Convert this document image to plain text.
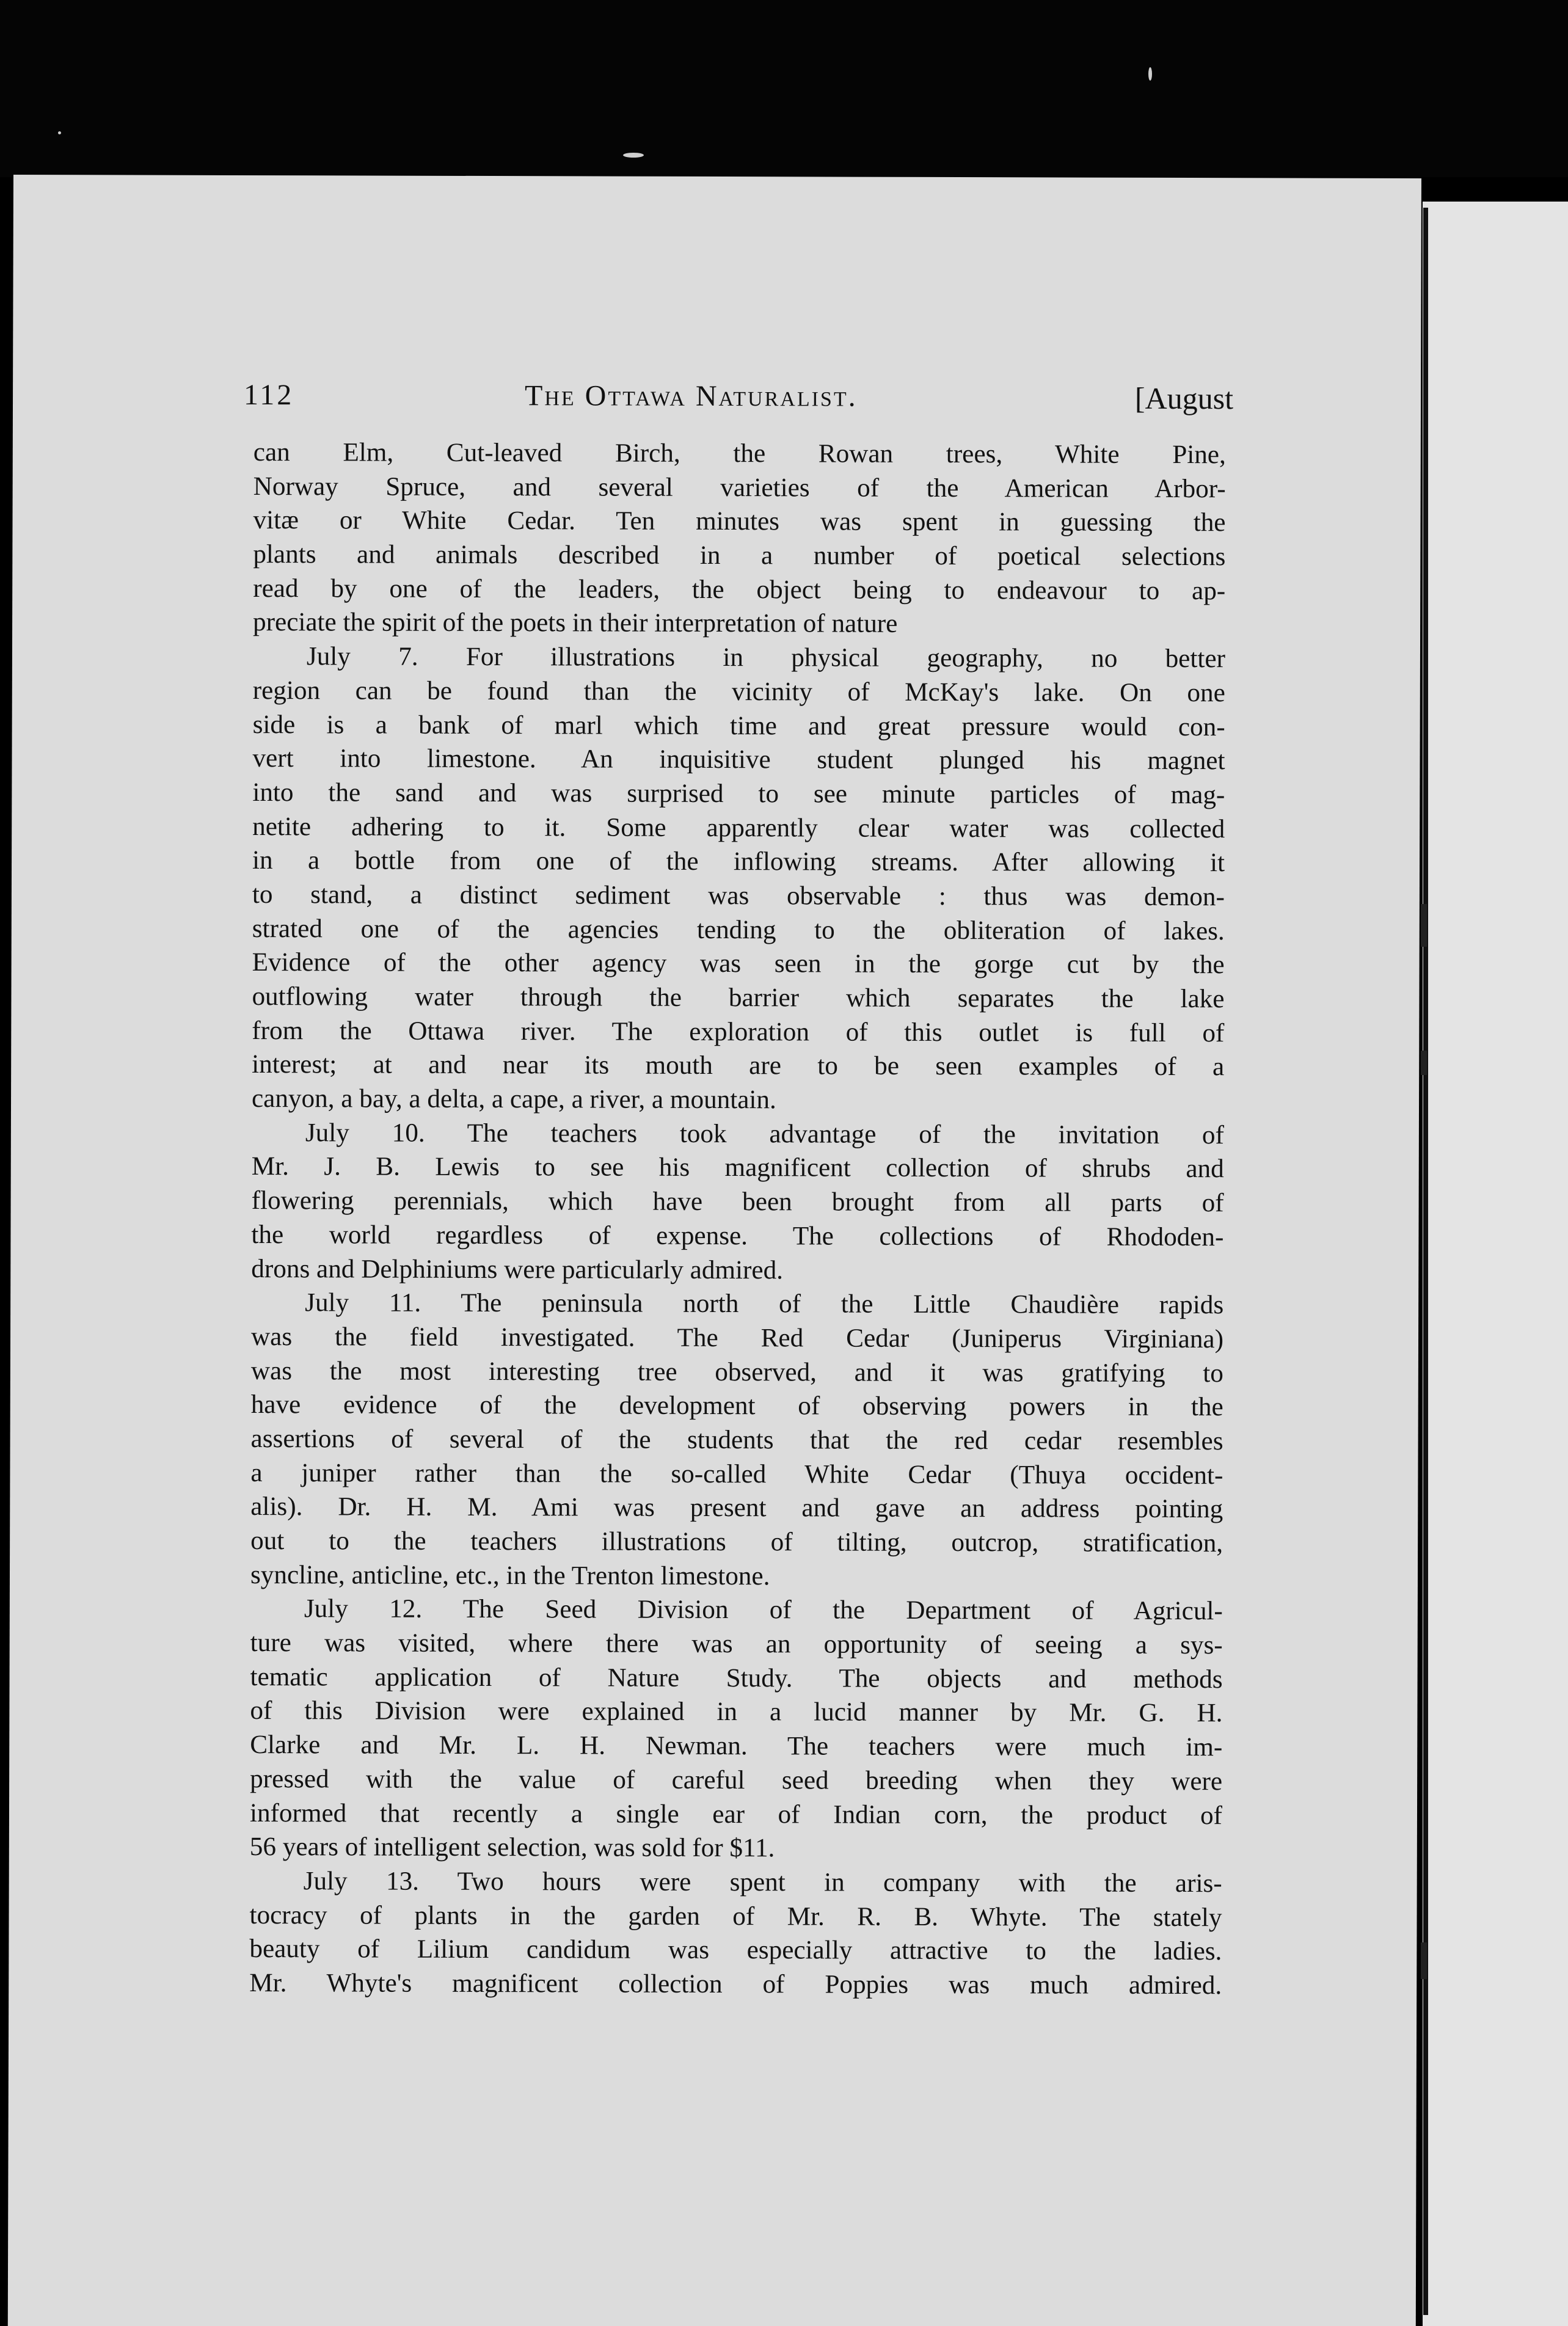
112	The Ottawa Naturalist.	[August
can Elm, Cut-leaved Birch, the Rowan trees, White Pine,
Norway Spruce, and several varieties of the American Arbor-
vitæ or White Cedar. Ten minutes was spent in guessing the
plants and animals described in a number of poetical selections
read by one of the leaders, the object being to endeavour to ap-
preciate the spirit of the poets in their interpretation of nature
July 7. For illustrations in physical geography, no better
region can be found than the vicinity of McKay's lake. On one
side is a bank of marl which time and great pressure would con-
vert into limestone. An inquisitive student plunged his magnet
into the sand and was surprised to see minute particles of mag-
netite adhering to it. Some apparently clear water was collected
in a bottle from one of the inflowing streams. After allowing it
to stand, a distinct sediment was observable : thus was demon-
strated one of the agencies tending to the obliteration of lakes.
Evidence of the other agency was seen in the gorge cut by the
outflowing water through the barrier which separates the lake
from the Ottawa river. The exploration of this outlet is full of
interest; at and near its mouth are to be seen examples of a
canyon, a bay, a delta, a cape, a river, a mountain.
July 10. The teachers took advantage of the invitation of
Mr. J. B. Lewis to see his magnificent collection of shrubs and
flowering perennials, which have been brought from all parts of
the world regardless of expense. The collections of Rhododen-
drons and Delphiniums were particularly admired.
July 11. The peninsula north of the Little Chaudière rapids
was the field investigated. The Red Cedar (Juniperus Virginiana)
was the most interesting tree observed, and it was gratifying to
have evidence of the development of observing powers in the
assertions of several of the students that the red cedar resembles
a juniper rather than the so-called White Cedar (Thuya occident-
alis). Dr. H. M. Ami was present and gave an address pointing
out to the teachers illustrations of tilting, outcrop, stratification,
syncline, anticline, etc., in the Trenton limestone.
July 12. The Seed Division of the Department of Agricul-
ture was visited, where there was an opportunity of seeing a sys-
tematic application of Nature Study. The objects and methods
of this Division were explained in a lucid manner by Mr. G. H.
Clarke and Mr. L. H. Newman. The teachers were much im-
pressed with the value of careful seed breeding when they were
informed that recently a single ear of Indian corn, the product of
56 years of intelligent selection, was sold for $11.
July 13. Two hours were spent in company with the aris-
tocracy of plants in the garden of Mr. R. B. Whyte. The stately
beauty of Lilium candidum was especially attractive to the ladies.
Mr. Whyte's magnificent collection of Poppies was much admired.
